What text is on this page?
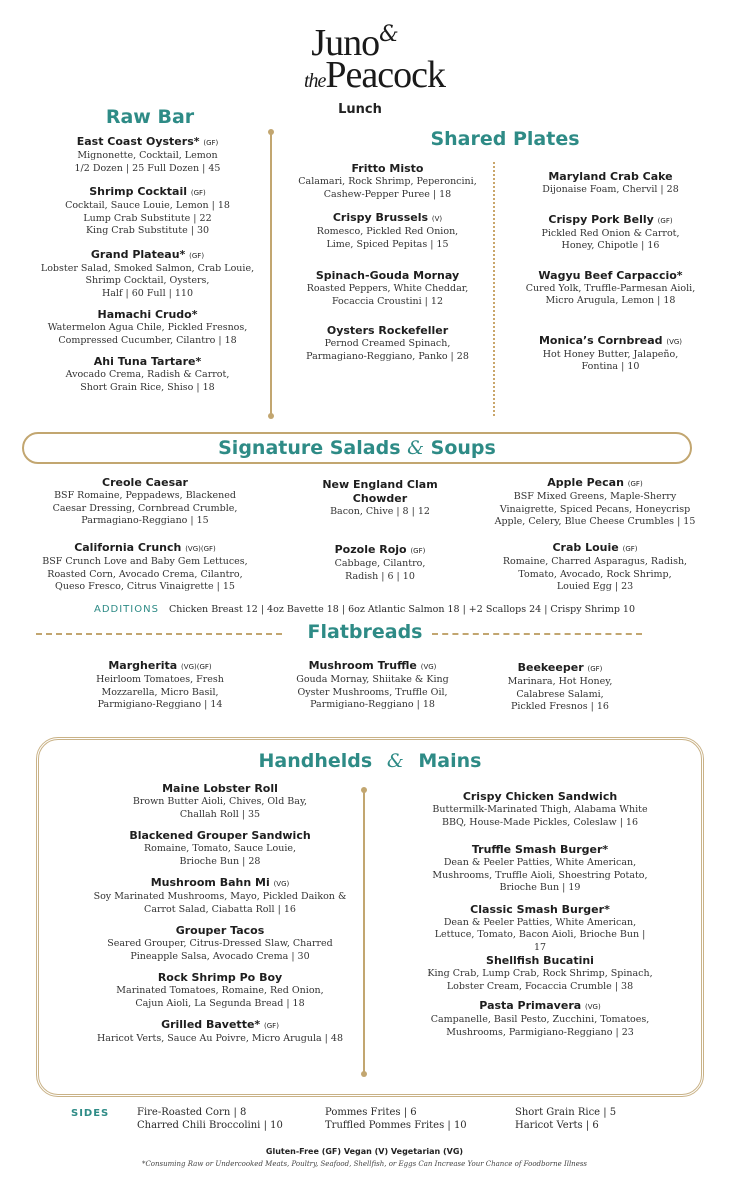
Juno&
thePeacock
Lunch
Raw Bar
East Coast Oysters* (GF)
Mignonette, Cocktail, Lemon
1/2 Dozen | 25 Full Dozen | 45
Shrimp Cocktail (GF)
Cocktail, Sauce Louie, Lemon | 18
Lump Crab Substitute | 22
King Crab Substitute | 30
Grand Plateau* (GF)
Lobster Salad, Smoked Salmon, Crab Louie,
Shrimp Cocktail, Oysters,
Half | 60 Full | 110
Hamachi Crudo*
Watermelon Agua Chile, Pickled Fresnos,
Compressed Cucumber, Cilantro | 18
Ahi Tuna Tartare*
Avocado Crema, Radish & Carrot,
Short Grain Rice, Shiso | 18
Shared Plates
Fritto Misto
Calamari, Rock Shrimp, Peperoncini,
Cashew-Pepper Puree | 18
Crispy Brussels (V)
Romesco, Pickled Red Onion,
Lime, Spiced Pepitas | 15
Spinach-Gouda Mornay
Roasted Peppers, White Cheddar,
Focaccia Croustini | 12
Oysters Rockefeller
Pernod Creamed Spinach,
Parmagiano-Reggiano, Panko | 28
Maryland Crab Cake
Dijonaise Foam, Chervil | 28
Crispy Pork Belly (GF)
Pickled Red Onion & Carrot,
Honey, Chipotle | 16
Wagyu Beef Carpaccio*
Cured Yolk, Truffle-Parmesan Aioli,
Micro Arugula, Lemon | 18
Monica’s Cornbread (VG)
Hot Honey Butter, Jalapeño,
Fontina | 10
Signature Salads & Soups
Creole Caesar
BSF Romaine, Peppadews, Blackened
Caesar Dressing, Cornbread Crumble,
Parmagiano-Reggiano | 15
New England Clam Chowder
Bacon, Chive | 8 | 12
Apple Pecan (GF)
BSF Mixed Greens, Maple-Sherry
Vinaigrette, Spiced Pecans, Honeycrisp
Apple, Celery, Blue Cheese Crumbles | 15
California Crunch (VG)(GF)
BSF Crunch Love and Baby Gem Lettuces,
Roasted Corn, Avocado Crema, Cilantro,
Queso Fresco, Citrus Vinaigrette | 15
Pozole Rojo (GF)
Cabbage, Cilantro,
Radish | 6 | 10
Crab Louie (GF)
Romaine, Charred Asparagus, Radish,
Tomato, Avocado, Rock Shrimp,
Louied Egg | 23
ADDITIONS Chicken Breast 12 | 4oz Bavette 18 | 6oz Atlantic Salmon 18 | +2 Scallops 24 | Crispy Shrimp 10
Flatbreads
Margherita (VG)(GF)
Heirloom Tomatoes, Fresh
Mozzarella, Micro Basil,
Parmigiano-Reggiano | 14
Mushroom Truffle (VG)
Gouda Mornay, Shiitake & King
Oyster Mushrooms, Truffle Oil,
Parmigiano-Reggiano | 18
Beekeeper (GF)
Marinara, Hot Honey,
Calabrese Salami,
Pickled Fresnos | 16
Handhelds & Mains
Maine Lobster Roll
Brown Butter Aioli, Chives, Old Bay,
Challah Roll | 35
Blackened Grouper Sandwich
Romaine, Tomato, Sauce Louie,
Brioche Bun | 28
Mushroom Bahn Mi (VG)
Soy Marinated Mushrooms, Mayo, Pickled Daikon &
Carrot Salad, Ciabatta Roll | 16
Grouper Tacos
Seared Grouper, Citrus-Dressed Slaw, Charred
Pineapple Salsa, Avocado Crema | 30
Rock Shrimp Po Boy
Marinated Tomatoes, Romaine, Red Onion,
Cajun Aioli, La Segunda Bread | 18
Grilled Bavette* (GF)
Haricot Verts, Sauce Au Poivre, Micro Arugula | 48
Crispy Chicken Sandwich
Buttermilk-Marinated Thigh, Alabama White
BBQ, House-Made Pickles, Coleslaw | 16
Truffle Smash Burger*
Dean & Peeler Patties, White American,
Mushrooms, Truffle Aioli, Shoestring Potato,
Brioche Bun | 19
Classic Smash Burger*
Dean & Peeler Patties, White American,
Lettuce, Tomato, Bacon Aioli, Brioche Bun |
17
Shellfish Bucatini
King Crab, Lump Crab, Rock Shrimp, Spinach,
Lobster Cream, Focaccia Crumble | 38
Pasta Primavera (VG)
Campanelle, Basil Pesto, Zucchini, Tomatoes,
Mushrooms, Parmigiano-Reggiano | 23
SIDES	Fire-Roasted Corn | 8
Charred Chili Broccolini | 10
Pommes Frites | 6
Truffled Pommes Frites | 10
Short Grain Rice | 5
Haricot Verts | 6
Gluten-Free (GF) Vegan (V) Vegetarian (VG)
*Consuming Raw or Undercooked Meats, Poultry, Seafood, Shellfish, or Eggs Can Increase Your Chance of Foodborne Illness
